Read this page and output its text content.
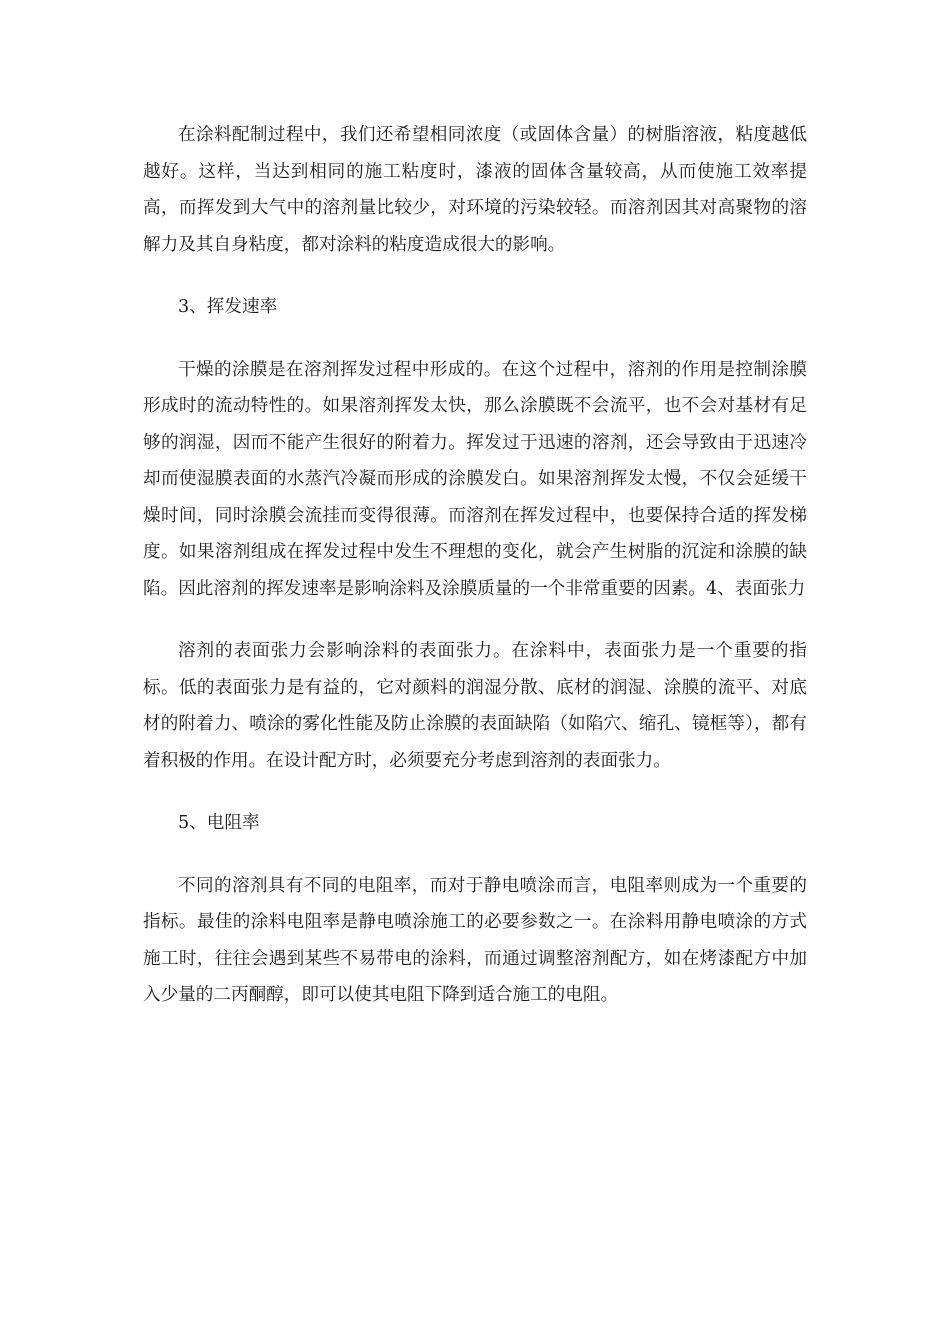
在涂料配制过程中，我们还希望相同浓度（或固体含量）的树脂溶液，粘度越低越好。这样，当达到相同的施工粘度时，漆液的固体含量较高，从而使施工效率提高，而挥发到大气中的溶剂量比较少，对环境的污染较轻。而溶剂因其对高聚物的溶解力及其自身粘度，都对涂料的粘度造成很大的影响。

3、挥发速率

干燥的涂膜是在溶剂挥发过程中形成的。在这个过程中，溶剂的作用是控制涂膜形成时的流动特性的。如果溶剂挥发太快，那么涂膜既不会流平，也不会对基材有足够的润湿，因而不能产生很好的附着力。挥发过于迅速的溶剂，还会导致由于迅速冷却而使湿膜表面的水蒸汽冷凝而形成的涂膜发白。如果溶剂挥发太慢，不仅会延缓干燥时间，同时涂膜会流挂而变得很薄。而溶剂在挥发过程中，也要保持合适的挥发梯度。如果溶剂组成在挥发过程中发生不理想的变化，就会产生树脂的沉淀和涂膜的缺陷。因此溶剂的挥发速率是影响涂料及涂膜质量的一个非常重要的因素。4、表面张力

溶剂的表面张力会影响涂料的表面张力。在涂料中，表面张力是一个重要的指标。低的表面张力是有益的，它对颜料的润湿分散、底材的润湿、涂膜的流平、对底材的附着力、喷涂的雾化性能及防止涂膜的表面缺陷（如陷穴、缩孔、镜框等），都有着积极的作用。在设计配方时，必须要充分考虑到溶剂的表面张力。

5、电阻率

不同的溶剂具有不同的电阻率，而对于静电喷涂而言，电阻率则成为一个重要的指标。最佳的涂料电阻率是静电喷涂施工的必要参数之一。在涂料用静电喷涂的方式施工时，往往会遇到某些不易带电的涂料，而通过调整溶剂配方，如在烤漆配方中加入少量的二丙酮醇，即可以使其电阻下降到适合施工的电阻。
